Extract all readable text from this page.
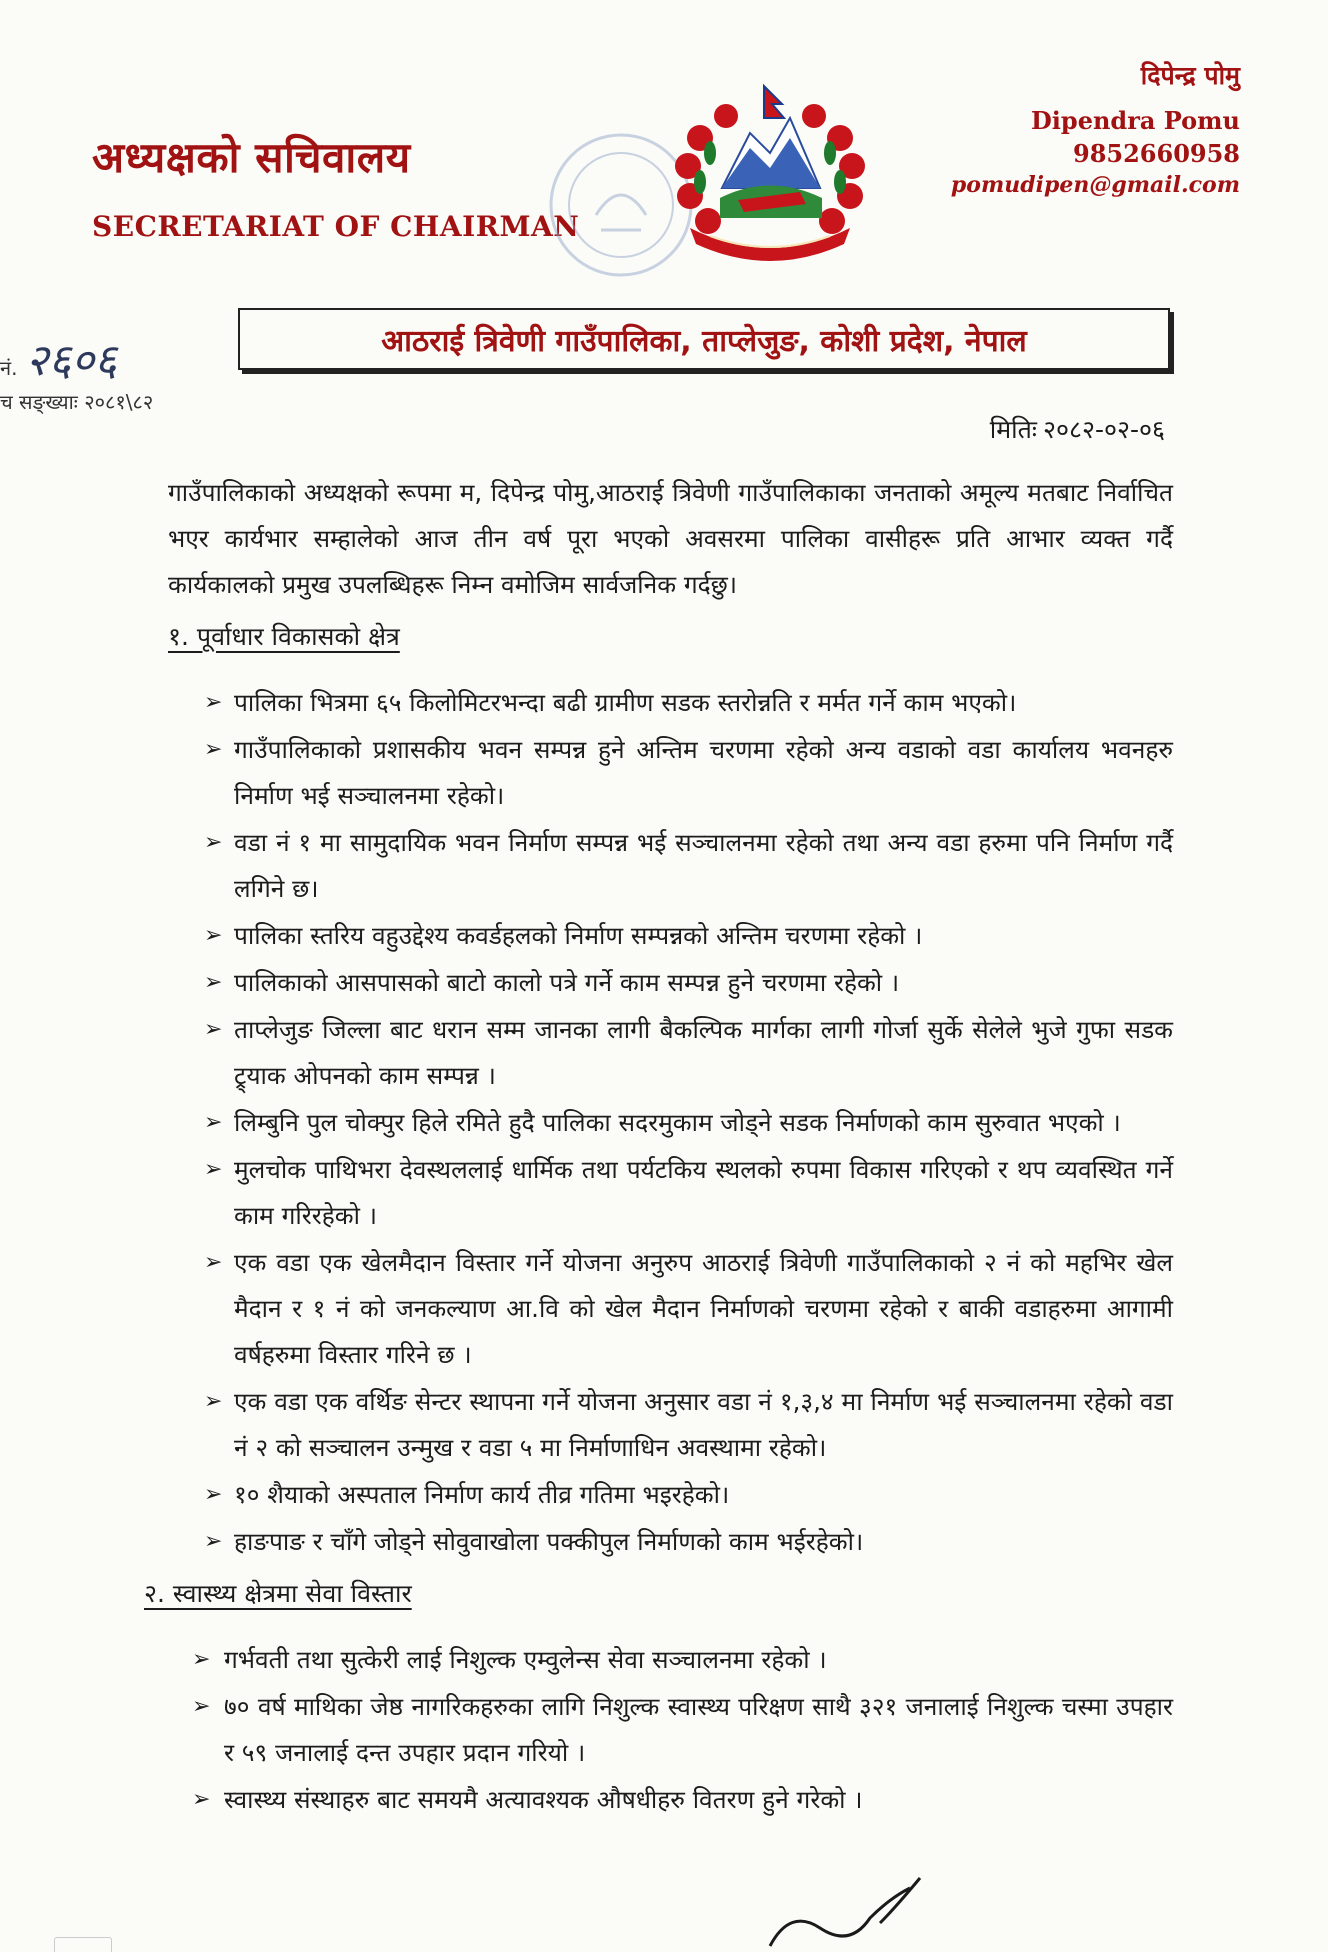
अध्यक्षको सचिवालय
SECRETARIAT OF CHAIRMAN
दिपेन्द्र पोमु
Dipendra Pomu
9852660958
pomudipen@gmail.com
नं. २६०६
च सङ्ख्याः २०८१\८२
आठराई त्रिवेणी गाउँपालिका, ताप्लेजुङ, कोशी प्रदेश, नेपाल
मितिः २०८२-०२-०६

गाउँपालिकाको अध्यक्षको रूपमा म, दिपेन्द्र पोमु,आठराई त्रिवेणी गाउँपालिकाका जनताको अमूल्य मतबाट निर्वाचित भएर कार्यभार सम्हालेको आज तीन वर्ष पूरा भएको अवसरमा पालिका वासीहरू प्रति आभार व्यक्त गर्दै कार्यकालको प्रमुख उपलब्धिहरू निम्न वमोजिम सार्वजनिक गर्दछु।

१. पूर्वाधार विकासको क्षेत्र
➢ पालिका भित्रमा ६५ किलोमिटरभन्दा बढी ग्रामीण सडक स्तरोन्नति र मर्मत गर्ने काम भएको।
➢ गाउँपालिकाको प्रशासकीय भवन सम्पन्न हुने अन्तिम चरणमा रहेको अन्य वडाको वडा कार्यालय भवनहरु निर्माण भई सञ्चालनमा रहेको।
➢ वडा नं १ मा सामुदायिक भवन निर्माण सम्पन्न भई सञ्चालनमा रहेको तथा अन्य वडा हरुमा पनि निर्माण गर्दै लगिने छ।
➢ पालिका स्तरिय वहुउद्देश्य कवर्डहलको निर्माण सम्पन्नको अन्तिम चरणमा रहेको ।
➢ पालिकाको आसपासको बाटो कालो पत्रे गर्ने काम सम्पन्न हुने चरणमा रहेको ।
➢ ताप्लेजुङ जिल्ला बाट धरान सम्म जानका लागी बैकल्पिक मार्गका लागी गोर्जा सुर्के सेलेले भुजे गुफा सडक ट्र्याक ओपनको काम सम्पन्न ।
➢ लिम्बुनि पुल चोक्पुर हिले रमिते हुदै पालिका सदरमुकाम जोड्ने सडक निर्माणको काम सुरुवात भएको ।
➢ मुलचोक पाथिभरा देवस्थललाई धार्मिक तथा पर्यटकिय स्थलको रुपमा विकास गरिएको र थप व्यवस्थित गर्ने काम गरिरहेको ।
➢ एक वडा एक खेलमैदान विस्तार गर्ने योजना अनुरुप आठराई त्रिवेणी गाउँपालिकाको २ नं को महभिर खेल मैदान र १ नं को जनकल्याण आ.वि को खेल मैदान निर्माणको चरणमा रहेको र बाकी वडाहरुमा आगामी वर्षहरुमा विस्तार गरिने छ ।
➢ एक वडा एक वर्थिङ सेन्टर स्थापना गर्ने योजना अनुसार वडा नं १,३,४ मा निर्माण भई सञ्चालनमा रहेको वडा नं २ को सञ्चालन उन्मुख र वडा ५ मा निर्माणाधिन अवस्थामा रहेको।
➢ १० शैयाको अस्पताल निर्माण कार्य तीव्र गतिमा भइरहेको।
➢ हाङपाङ र चाँगे जोड्ने सोवुवाखोला पक्कीपुल निर्माणको काम भईरहेको।
२. स्वास्थ्य क्षेत्रमा सेवा विस्तार
➢ गर्भवती तथा सुत्केरी लाई निशुल्क एम्वुलेन्स सेवा सञ्चालनमा रहेको ।
➢ ७० वर्ष माथिका जेष्ठ नागरिकहरुका लागि निशुल्क स्वास्थ्य परिक्षण साथै ३२१ जनालाई निशुल्क चस्मा उपहार र ५९ जनालाई दन्त उपहार प्रदान गरियो ।
➢ स्वास्थ्य संस्थाहरु बाट समयमै अत्यावश्यक औषधीहरु वितरण हुने गरेको ।
